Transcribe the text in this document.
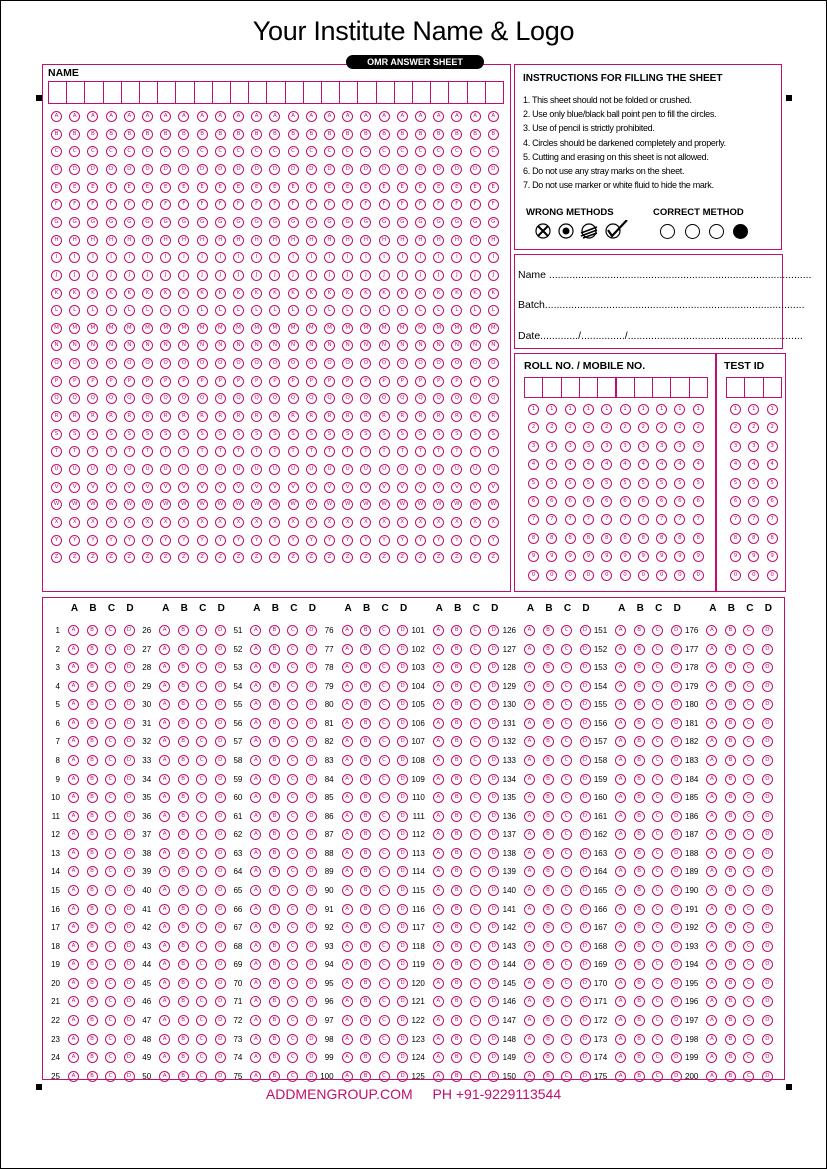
Your Institute Name & Logo
OMR ANSWER SHEET
NAME	INSTRUCTIONS FOR FILLING THE SHEET
1. This sheet should not be folded or crushed.
2. Use only blue/black ball point pen to fill the circles.
3. Use of pencil is strictly prohibited.
4. Circles should be darkened completely and properly.
5. Cutting and erasing on this sheet is not allowed.
6. Do not use any stray marks on the sheet.
7. Do not use marker or white fluid to hide the mark.
WRONG METHODS	CORRECT METHOD
Name ..........................................................................................
Batch.........................................................................................
Date............./.............../............................................................
ROLL NO. / MOBILE NO.	TEST ID
ADDMENGROUP.COM PH +91-9229113544
A	A	A	A	A	A	A	A	A	A	A	A	A	A	A	A	A	A	A	A	A	A	A	A	A
B	B	B	B	B	B	B	B	B	B	B	B	B	B	B	B	B	B	B	B	B	B	B	B	B
C	C	C	C	C	C	C	C	C	C	C	C	C	C	C	C	C	C	C	C	C	C	C	C	C
D	D	D	D	D	D	D	D	D	D	D	D	D	D	D	D	D	D	D	D	D	D	D	D	D
E	E	E	E	E	E	E	E	E	E	E	E	E	E	E	E	E	E	E	E	E	E	E	E	E
F	F	F	F	F	F	F	F	F	F	F	F	F	F	F	F	F	F	F	F	F	F	F	F	F
G	G	G	G	G	G	G	G	G	G	G	G	G	G	G	G	G	G	G	G	G	G	G	G	G
H	H	H	H	H	H	H	H	H	H	H	H	H	H	H	H	H	H	H	H	H	H	H	H	H
I	I	I	I	I	I	I	I	I	I	I	I	I	I	I	I	I	I	I	I	I	I	I	I	I
J	J	J	J	J	J	J	J	J	J	J	J	J	J	J	J	J	J	J	J	J	J	J	J	J
K	K	K	K	K	K	K	K	K	K	K	K	K	K	K	K	K	K	K	K	K	K	K	K	K
L	L	L	L	L	L	L	L	L	L	L	L	L	L	L	L	L	L	L	L	L	L	L	L	L
M	M	M	M	M	M	M	M	M	M	M	M	M	M	M	M	M	M	M	M	M	M	M	M	M
N	N	N	N	N	N	N	N	N	N	N	N	N	N	N	N	N	N	N	N	N	N	N	N	N
O	O	O	O	O	O	O	O	O	O	O	O	O	O	O	O	O	O	O	O	O	O	O	O	O
P	P	P	P	P	P	P	P	P	P	P	P	P	P	P	P	P	P	P	P	P	P	P	P	P
Q	Q	Q	Q	Q	Q	Q	Q	Q	Q	Q	Q	Q	Q	Q	Q	Q	Q	Q	Q	Q	Q	Q	Q	Q
R	R	R	R	R	R	R	R	R	R	R	R	R	R	R	R	R	R	R	R	R	R	R	R	R
S	S	S	S	S	S	S	S	S	S	S	S	S	S	S	S	S	S	S	S	S	S	S	S	S
T	T	T	T	T	T	T	T	T	T	T	T	T	T	T	T	T	T	T	T	T	T	T	T	T
U	U	U	U	U	U	U	U	U	U	U	U	U	U	U	U	U	U	U	U	U	U	U	U	U
V	V	V	V	V	V	V	V	V	V	V	V	V	V	V	V	V	V	V	V	V	V	V	V	V
W	W	W	W	W	W	W	W	W	W	W	W	W	W	W	W	W	W	W	W	W	W	W	W	W
X	X	X	X	X	X	X	X	X	X	X	X	X	X	X	X	X	X	X	X	X	X	X	X	X
Y	Y	Y	Y	Y	Y	Y	Y	Y	Y	Y	Y	Y	Y	Y	Y	Y	Y	Y	Y	Y	Y	Y	Y	Y
Z	Z	Z	Z	Z	Z	Z	Z	Z	Z	Z	Z	Z	Z	Z	Z	Z	Z	Z	Z	Z	Z	Z	Z	Z
1	1	1	1	1	1	1	1	1	1	1	1	1
2	2	2	2	2	2	2	2	2	2	2	2	2
3	3	3	3	3	3	3	3	3	3	3	3	3
4	4	4	4	4	4	4	4	4	4	4	4	4
5	5	5	5	5	5	5	5	5	5	5	5	5
6	6	6	6	6	6	6	6	6	6	6	6	6
7	7	7	7	7	7	7	7	7	7	7	7	7
8	8	8	8	8	8	8	8	8	8	8	8	8
9	9	9	9	9	9	9	9	9	9	9	9	9
0	0	0	0	0	0	0	0	0	0	0	0	0
A	B	C	D
1	A	B	C	D
2	A	B	C	D
3	A	B	C	D
4	A	B	C	D
5	A	B	C	D
6	A	B	C	D
7	A	B	C	D
8	A	B	C	D
9	A	B	C	D
10	A	B	C	D
11	A	B	C	D
12	A	B	C	D
13	A	B	C	D
14	A	B	C	D
15	A	B	C	D
16	A	B	C	D
17	A	B	C	D
18	A	B	C	D
19	A	B	C	D
20	A	B	C	D
21	A	B	C	D
22	A	B	C	D
23	A	B	C	D
24	A	B	C	D
25	A	B	C	D
A	B	C	D
26	A	B	C	D
27	A	B	C	D
28	A	B	C	D
29	A	B	C	D
30	A	B	C	D
31	A	B	C	D
32	A	B	C	D
33	A	B	C	D
34	A	B	C	D
35	A	B	C	D
36	A	B	C	D
37	A	B	C	D
38	A	B	C	D
39	A	B	C	D
40	A	B	C	D
41	A	B	C	D
42	A	B	C	D
43	A	B	C	D
44	A	B	C	D
45	A	B	C	D
46	A	B	C	D
47	A	B	C	D
48	A	B	C	D
49	A	B	C	D
50	A	B	C	D
A	B	C	D
51	A	B	C	D
52	A	B	C	D
53	A	B	C	D
54	A	B	C	D
55	A	B	C	D
56	A	B	C	D
57	A	B	C	D
58	A	B	C	D
59	A	B	C	D
60	A	B	C	D
61	A	B	C	D
62	A	B	C	D
63	A	B	C	D
64	A	B	C	D
65	A	B	C	D
66	A	B	C	D
67	A	B	C	D
68	A	B	C	D
69	A	B	C	D
70	A	B	C	D
71	A	B	C	D
72	A	B	C	D
73	A	B	C	D
74	A	B	C	D
75	A	B	C	D
A	B	C	D
76	A	B	C	D
77	A	B	C	D
78	A	B	C	D
79	A	B	C	D
80	A	B	C	D
81	A	B	C	D
82	A	B	C	D
83	A	B	C	D
84	A	B	C	D
85	A	B	C	D
86	A	B	C	D
87	A	B	C	D
88	A	B	C	D
89	A	B	C	D
90	A	B	C	D
91	A	B	C	D
92	A	B	C	D
93	A	B	C	D
94	A	B	C	D
95	A	B	C	D
96	A	B	C	D
97	A	B	C	D
98	A	B	C	D
99	A	B	C	D
100	A	B	C	D
A	B	C	D
101	A	B	C	D
102	A	B	C	D
103	A	B	C	D
104	A	B	C	D
105	A	B	C	D
106	A	B	C	D
107	A	B	C	D
108	A	B	C	D
109	A	B	C	D
110	A	B	C	D
111	A	B	C	D
112	A	B	C	D
113	A	B	C	D
114	A	B	C	D
115	A	B	C	D
116	A	B	C	D
117	A	B	C	D
118	A	B	C	D
119	A	B	C	D
120	A	B	C	D
121	A	B	C	D
122	A	B	C	D
123	A	B	C	D
124	A	B	C	D
125	A	B	C	D
A	B	C	D
126	A	B	C	D
127	A	B	C	D
128	A	B	C	D
129	A	B	C	D
130	A	B	C	D
131	A	B	C	D
132	A	B	C	D
133	A	B	C	D
134	A	B	C	D
135	A	B	C	D
136	A	B	C	D
137	A	B	C	D
138	A	B	C	D
139	A	B	C	D
140	A	B	C	D
141	A	B	C	D
142	A	B	C	D
143	A	B	C	D
144	A	B	C	D
145	A	B	C	D
146	A	B	C	D
147	A	B	C	D
148	A	B	C	D
149	A	B	C	D
150	A	B	C	D
A	B	C	D
151	A	B	C	D
152	A	B	C	D
153	A	B	C	D
154	A	B	C	D
155	A	B	C	D
156	A	B	C	D
157	A	B	C	D
158	A	B	C	D
159	A	B	C	D
160	A	B	C	D
161	A	B	C	D
162	A	B	C	D
163	A	B	C	D
164	A	B	C	D
165	A	B	C	D
166	A	B	C	D
167	A	B	C	D
168	A	B	C	D
169	A	B	C	D
170	A	B	C	D
171	A	B	C	D
172	A	B	C	D
173	A	B	C	D
174	A	B	C	D
175	A	B	C	D
A	B	C	D
176	A	B	C	D
177	A	B	C	D
178	A	B	C	D
179	A	B	C	D
180	A	B	C	D
181	A	B	C	D
182	A	B	C	D
183	A	B	C	D
184	A	B	C	D
185	A	B	C	D
186	A	B	C	D
187	A	B	C	D
188	A	B	C	D
189	A	B	C	D
190	A	B	C	D
191	A	B	C	D
192	A	B	C	D
193	A	B	C	D
194	A	B	C	D
195	A	B	C	D
196	A	B	C	D
197	A	B	C	D
198	A	B	C	D
199	A	B	C	D
200	A	B	C	D
